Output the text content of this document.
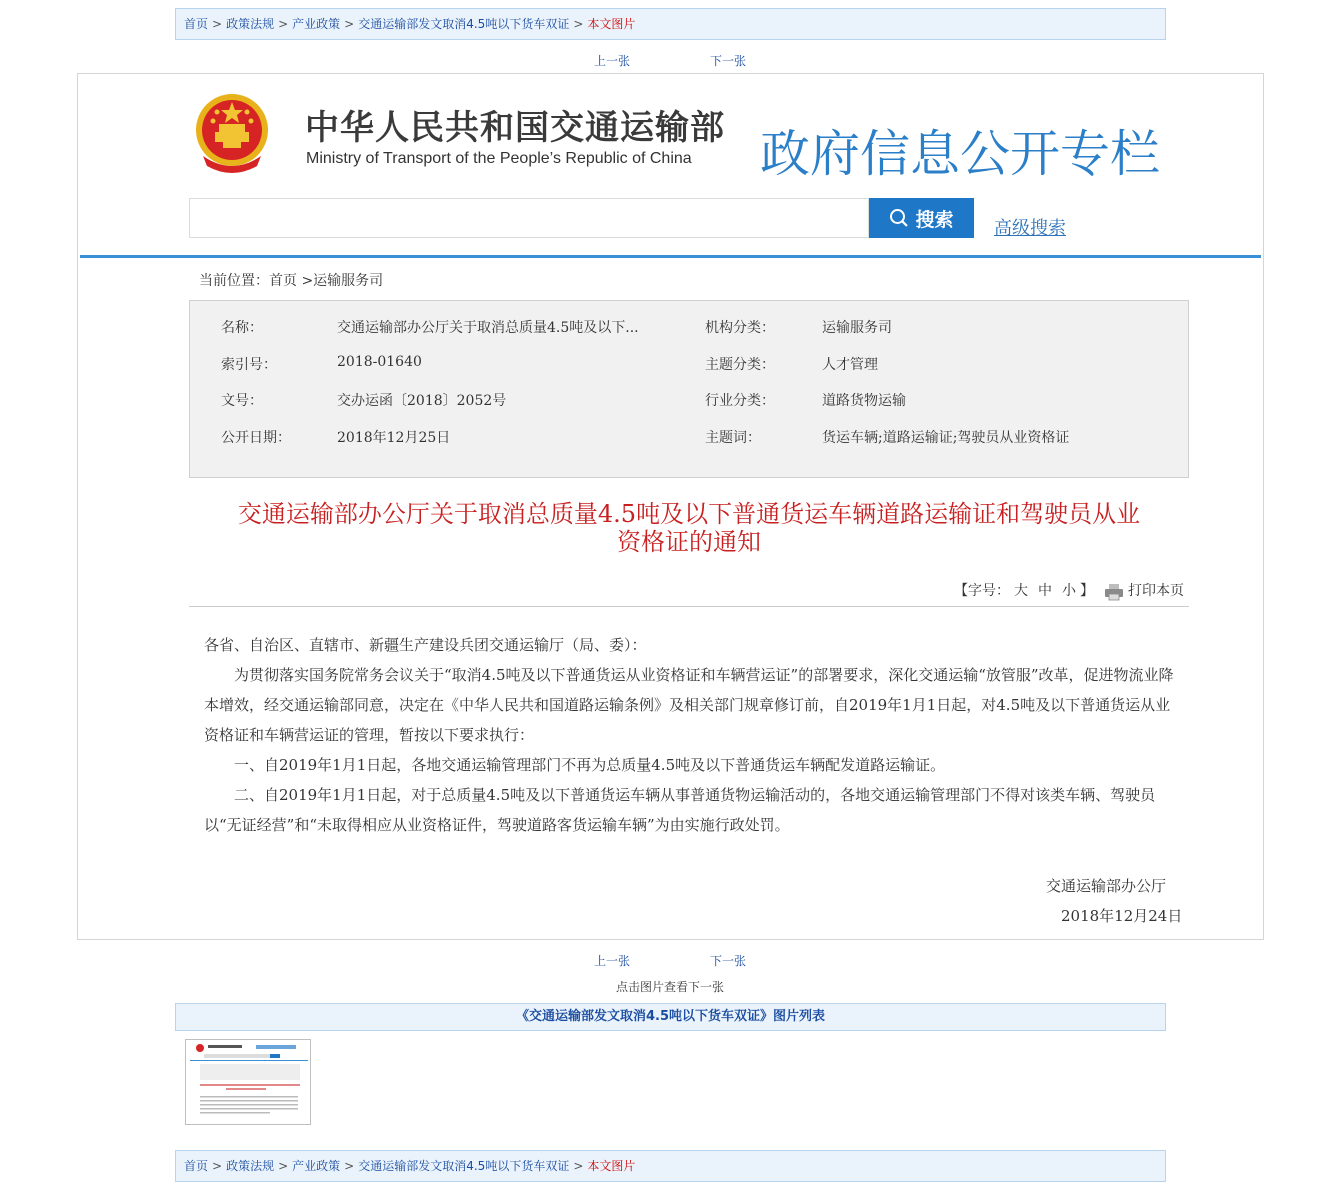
首页 > 政策法规 > 产业政策 > 交通运输部发文取消4.5吨以下货车双证 > 本文图片
上一张	下一张
中华人民共和国交通运输部
Ministry of Transport of the People’s Republic of China 政府信息公开专栏
搜索 高级搜索
当前位置：首页 >运输服务司
名称：	交通运输部办公厅关于取消总质量4.5吨及以下...	机构分类：	运输服务司
索引号：	2018-01640	主题分类：	人才管理
文号：	交办运函〔2018〕2052号	行业分类：	道路货物运输
公开日期：	2018年12月25日	主题词：	货运车辆;道路运输证;驾驶员从业资格证
交通运输部办公厅关于取消总质量4.5吨及以下普通货运车辆道路运输证和驾驶员从业
资格证的通知
【字号： 大 中 小 】 打印本页
各省、自治区、直辖市、新疆生产建设兵团交通运输厅（局、委）：
为贯彻落实国务院常务会议关于“取消4.5吨及以下普通货运从业资格证和车辆营运证”的部署要求，深化交通运输“放管服”改革，促进物流业降本增效，经交通运输部同意，决定在《中华人民共和国道路运输条例》及相关部门规章修订前，自2019年1月1日起，对4.5吨及以下普通货运从业资格证和车辆营运证的管理，暂按以下要求执行：
一、自2019年1月1日起，各地交通运输管理部门不再为总质量4.5吨及以下普通货运车辆配发道路运输证。
二、自2019年1月1日起，对于总质量4.5吨及以下普通货运车辆从事普通货物运输活动的，各地交通运输管理部门不得对该类车辆、驾驶员以“无证经营”和“未取得相应从业资格证件，驾驶道路客货运输车辆”为由实施行政处罚。
交通运输部办公厅
2018年12月24日
上一张	下一张
点击图片查看下一张
《交通运输部发文取消4.5吨以下货车双证》图片列表
首页 > 政策法规 > 产业政策 > 交通运输部发文取消4.5吨以下货车双证 > 本文图片
